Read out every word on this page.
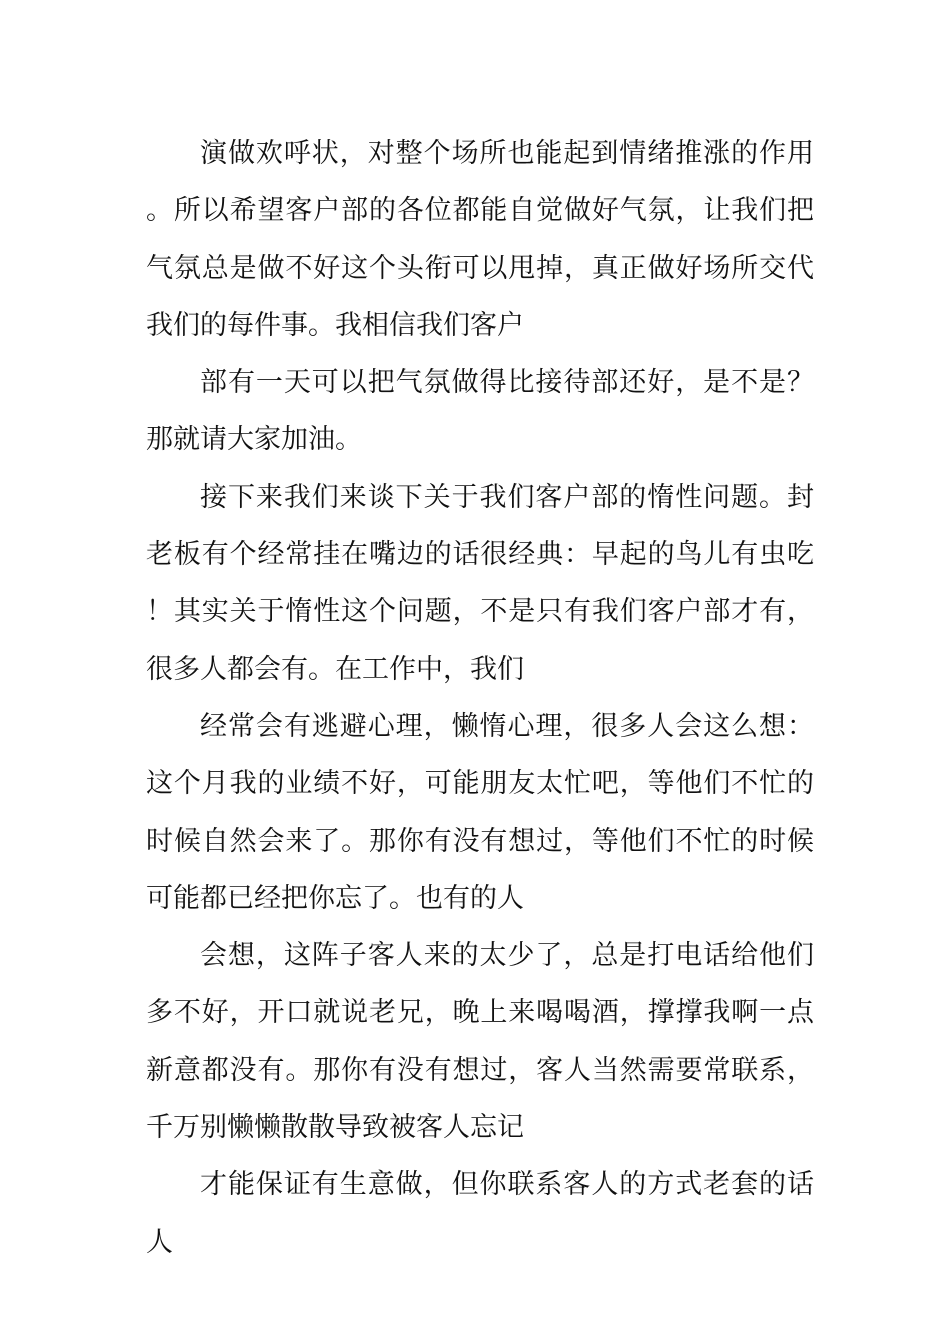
演做欢呼状，对整个场所也能起到情绪推涨的作用。所以希望客户部的各位都能自觉做好气氛，让我们把气氛总是做不好这个头衔可以甩掉，真正做好场所交代我们的每件事。我相信我们客户

部有一天可以把气氛做得比接待部还好，是不是？那就请大家加油。

接下来我们来谈下关于我们客户部的惰性问题。封老板有个经常挂在嘴边的话很经典：早起的鸟儿有虫吃！其实关于惰性这个问题，不是只有我们客户部才有，很多人都会有。在工作中，我们

经常会有逃避心理，懒惰心理，很多人会这么想：这个月我的业绩不好，可能朋友太忙吧，等他们不忙的时候自然会来了。那你有没有想过，等他们不忙的时候可能都已经把你忘了。也有的人

会想，这阵子客人来的太少了，总是打电话给他们多不好，开口就说老兄，晚上来喝喝酒，撑撑我啊一点新意都没有。那你有没有想过，客人当然需要常联系，千万别懒懒散散导致被客人忘记

才能保证有生意做，但你联系客人的方式老套的话人
